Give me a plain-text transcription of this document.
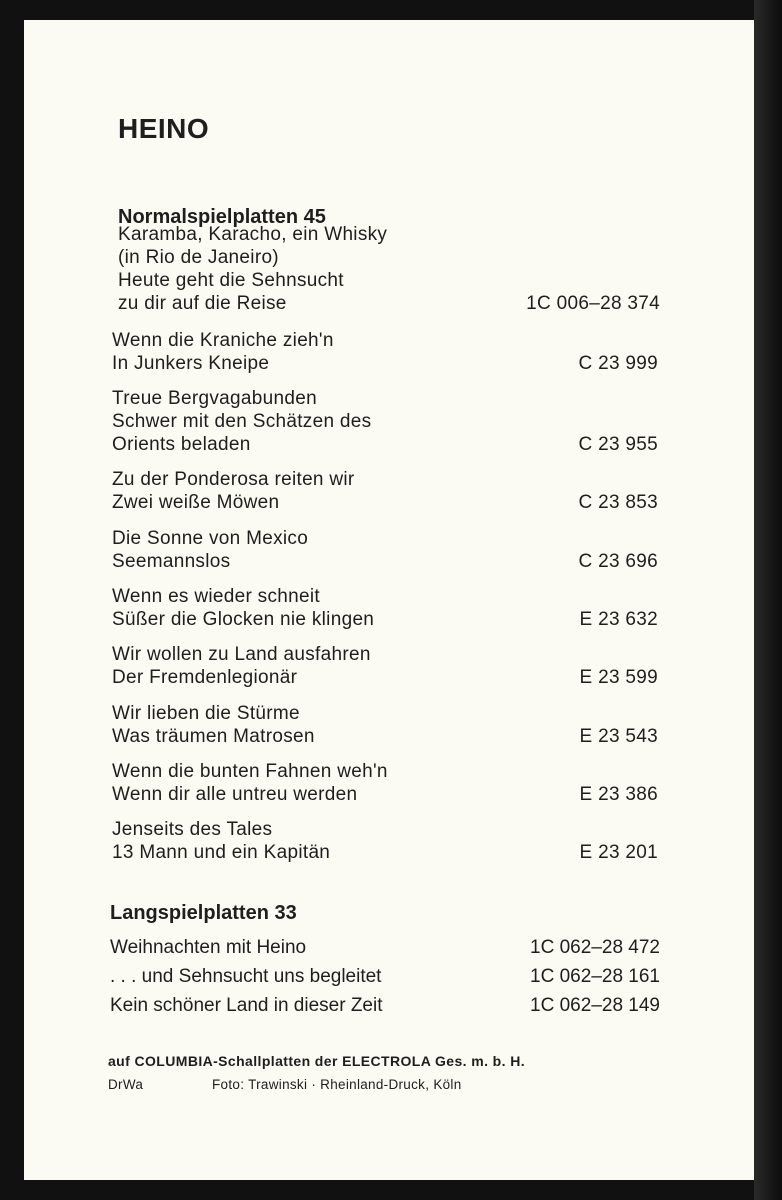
HEINO
Normalspielplatten 45
Karamba, Karacho, ein Whisky
(in Rio de Janeiro)
Heute geht die Sehnsucht
zu dir auf die Reise	1C 006–28 374
Wenn die Kraniche zieh'n
In Junkers Kneipe	C 23 999
Treue Bergvagabunden
Schwer mit den Schätzen des
Orients beladen	C 23 955
Zu der Ponderosa reiten wir
Zwei weiße Möwen	C 23 853
Die Sonne von Mexico
Seemannslos	C 23 696
Wenn es wieder schneit
Süßer die Glocken nie klingen	E 23 632
Wir wollen zu Land ausfahren
Der Fremdenlegionär	E 23 599
Wir lieben die Stürme
Was träumen Matrosen	E 23 543
Wenn die bunten Fahnen weh'n
Wenn dir alle untreu werden	E 23 386
Jenseits des Tales
13 Mann und ein Kapitän	E 23 201
Langspielplatten 33
Weihnachten mit Heino	1C 062–28 472
. . . und Sehnsucht uns begleitet	1C 062–28 161
Kein schöner Land in dieser Zeit	1C 062–28 149
auf COLUMBIA-Schallplatten der ELECTROLA Ges. m. b. H.
DrWa	Foto: Trawinski · Rheinland-Druck, Köln
